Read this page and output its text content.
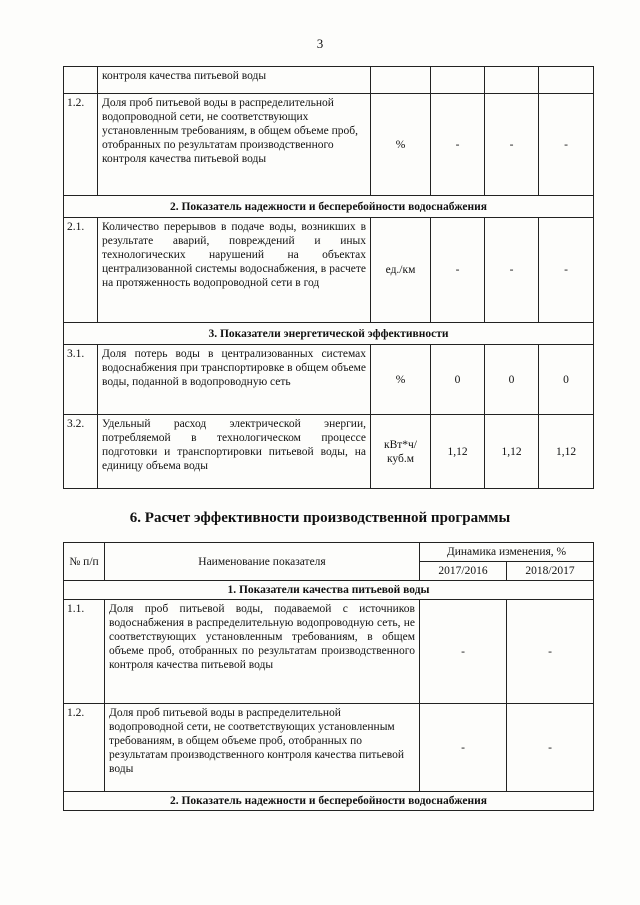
3
	контроля качества питьевой воды				
1.2.	Доля проб питьевой воды в распределительной водопроводной сети, не соответствующих установленным требованиям, в общем объеме проб, отобранных по результатам производственного контроля качества питьевой воды	%	-	-	-
2. Показатель надежности и бесперебойности водоснабжения					
2.1.	Количество перерывов в подаче воды, возникших в результате аварий, повреждений и иных технологических нарушений на объектах централизованной системы водоснабжения, в расчете на протяженность водопроводной сети в год	ед./км	-	-	-
3. Показатели энергетической эффективности					
3.1.	Доля потерь воды в централизованных системах водоснабжения при транспортировке в общем объеме воды, поданной в водопроводную сеть	%	0	0	0
3.2.	Удельный расход электрической энергии, потребляемой в технологическом процессе подготовки и транспортировки питьевой воды, на единицу объема воды	кВт*ч/ куб.м	1,12	1,12	1,12
6. Расчет эффективности производственной программы
№ п/п	Наименование показателя	Динамика изменения, %	
		2017/2016	2018/2017
1. Показатели качества питьевой воды			
1.1.	Доля проб питьевой воды, подаваемой с источников водоснабжения в распределительную водопроводную сеть, не соответствующих установленным требованиям, в общем объеме проб, отобранных по результатам производственного контроля качества питьевой воды	-	-
1.2.	Доля проб питьевой воды в распределительной водопроводной сети, не соответствующих установленным требованиям, в общем объеме проб, отобранных по результатам производственного контроля качества питьевой воды	-	-
2. Показатель надежности и бесперебойности водоснабжения			
